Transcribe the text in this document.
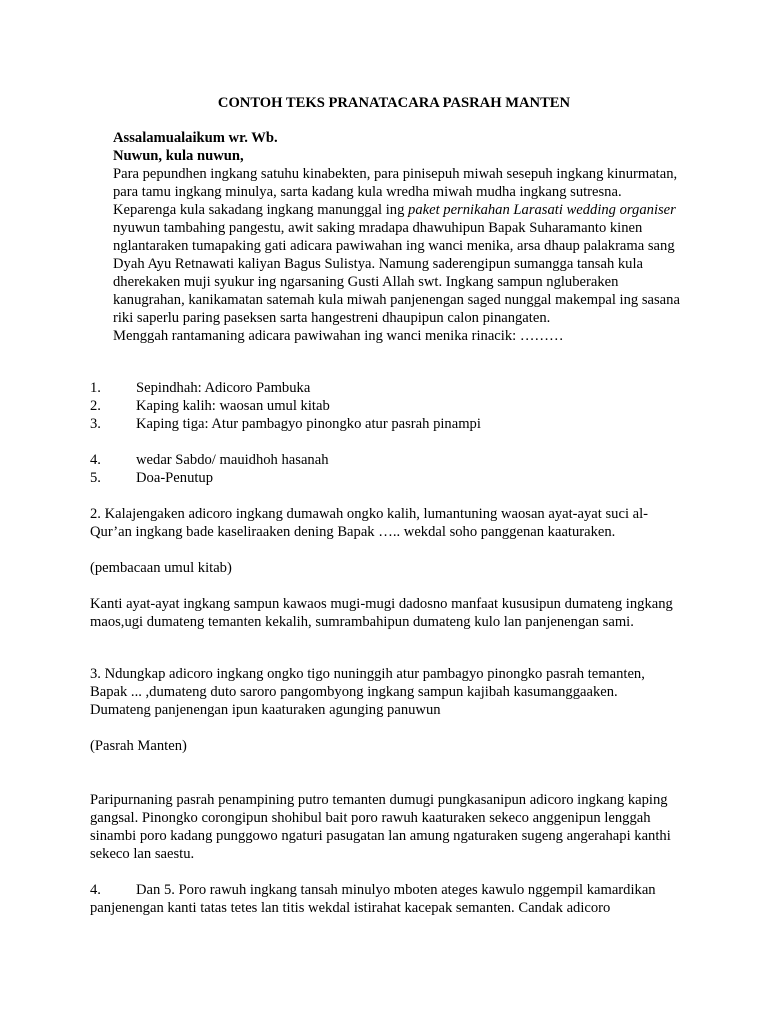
CONTOH TEKS PRANATACARA PASRAH MANTEN

Assalamualaikum wr. Wb.

Nuwun, kula nuwun,

Para pepundhen ingkang satuhu kinabekten, para pinisepuh miwah sesepuh ingkang kinurmatan, para tamu ingkang minulya, sarta kadang kula wredha miwah mudha ingkang sutresna.

Keparenga kula sakadang ingkang manunggal ing paket pernikahan Larasati wedding organiser nyuwun tambahing pangestu, awit saking mradapa dhawuhipun Bapak Suharamanto kinen nglantaraken tumapaking gati adicara pawiwahan ing wanci menika, arsa dhaup palakrama sang Dyah Ayu Retnawati kaliyan Bagus Sulistya. Namung saderengipun sumangga tansah kula dherekaken muji syukur ing ngarsaning Gusti Allah swt. Ingkang sampun ngluberaken kanugrahan, kanikamatan satemah kula miwah panjenengan saged nunggal makempal ing sasana riki saperlu paring paseksen sarta hangestreni dhaupipun calon pinangaten.

Menggah rantamaning adicara pawiwahan ing wanci menika rinacik: ………

1. Sepindhah: Adicoro Pambuka
2. Kaping kalih: waosan umul kitab
3. Kaping tiga: Atur pambagyo pinongko atur pasrah pinampi
4. wedar Sabdo/ mauidhoh hasanah
5. Doa-Penutup

2. Kalajengaken adicoro ingkang dumawah ongko kalih, lumantuning waosan ayat-ayat suci al-Qur’an ingkang bade kaseliraaken dening Bapak ….. wekdal soho panggenan kaaturaken.

(pembacaan umul kitab)

Kanti ayat-ayat ingkang sampun kawaos mugi-mugi dadosno manfaat kususipun dumateng ingkang maos,ugi dumateng temanten kekalih, sumrambahipun dumateng kulo lan panjenengan sami.

3. Ndungkap adicoro ingkang ongko tigo nuninggih atur pambagyo pinongko pasrah temanten, Bapak ... ,dumateng duto saroro pangombyong ingkang sampun kajibah kasumanggaaken. Dumateng panjenengan ipun kaaturaken agunging panuwun

(Pasrah Manten)

Paripurnaning pasrah penampining putro temanten dumugi pungkasanipun adicoro ingkang kaping gangsal. Pinongko corongipun shohibul bait poro rawuh kaaturaken sekeco anggenipun lenggah sinambi poro kadang punggowo ngaturi pasugatan lan amung ngaturaken sugeng angerahapi kanthi sekeco lan saestu.

4. Dan 5. Poro rawuh ingkang tansah minulyo mboten ateges kawulo nggempil kamardikan panjenengan kanti tatas tetes lan titis wekdal istirahat kacepak semanten. Candak adicoro
